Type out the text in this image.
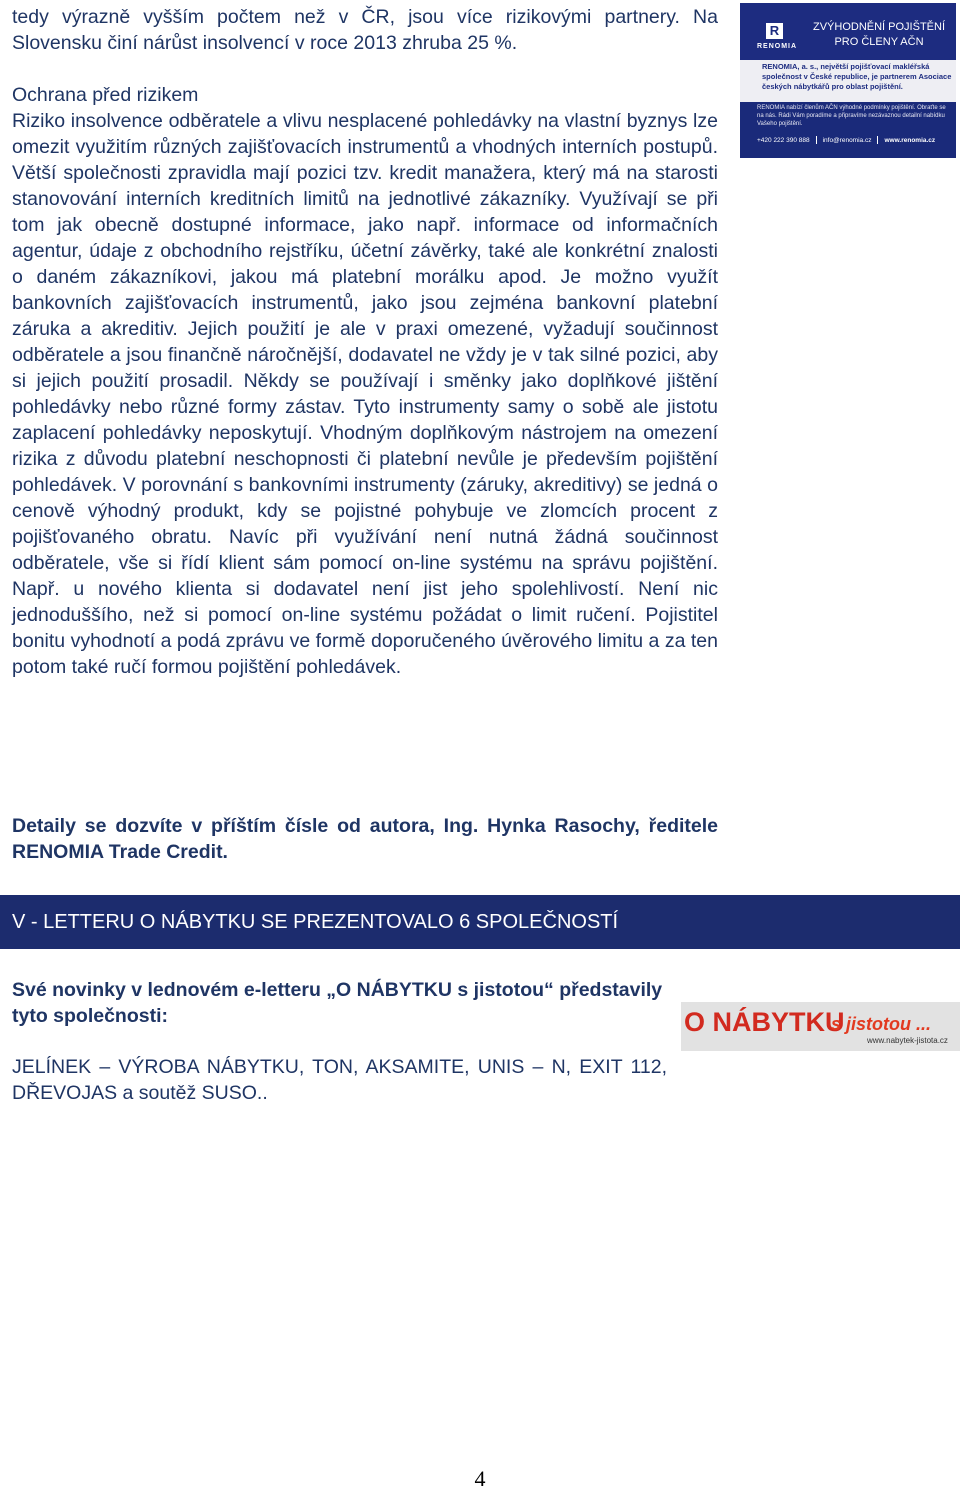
tedy výrazně vyšším počtem než v ČR, jsou více rizikovými partnery. Na Slovensku činí nárůst insolvencí v roce 2013 zhruba 25 %.

Ochrana před rizikem

Riziko insolvence odběratele a vlivu nesplacené pohledávky na vlastní byznys lze omezit využitím různých zajišťovacích instrumentů a vhodných interních postupů. Větší společnosti zpravidla mají pozici tzv. kredit manažera, který má na starosti stanovování interních kreditních limitů na jednotlivé zákazníky. Využívají se při tom jak obecně dostupné informace, jako např. informace od informačních agentur, údaje z obchodního rejstříku, účetní závěrky, také ale konkrétní znalosti o daném zákazníkovi, jakou má platební morálku apod. Je možno využít bankovních zajišťovacích instrumentů, jako jsou zejména bankovní platební záruka a akreditiv. Jejich použití je ale v praxi omezené, vyžadují součinnost odběratele a jsou finančně náročnější, dodavatel ne vždy je v tak silné pozici, aby si jejich použití prosadil. Někdy se používají i směnky jako doplňkové jištění pohledávky nebo různé formy zástav. Tyto instrumenty samy o sobě ale jistotu zaplacení pohledávky neposkytují. Vhodným doplňkovým nástrojem na omezení rizika z důvodu platební neschopnosti či platební nevůle je především pojištění pohledávek. V porovnání s bankovními instrumenty (záruky, akreditivy) se jedná o cenově výhodný produkt, kdy se pojistné pohybuje ve zlomcích procent z pojišťovaného obratu. Navíc při využívání není nutná žádná součinnost odběratele, vše si řídí klient sám pomocí on-line systému na správu pojištění. Např. u nového klienta si dodavatel není jist jeho spolehlivostí. Není nic jednoduššího, než si pomocí on-line systému požádat o limit ručení. Pojistitel bonitu vyhodnotí a podá zprávu ve formě doporučeného úvěrového limitu a za ten potom také ručí formou pojištění pohledávek.

Detaily se dozvíte v příštím čísle od autora, Ing. Hynka Rasochy, ředitele RENOMIA Trade Credit.

R
RENOMIA
ZVÝHODNĚNÍ POJIŠTĚNÍ
PRO ČLENY AČN
RENOMIA, a. s., největší pojišťovací makléřská společnost v České republice, je partnerem Asociace českých nábytkářů pro oblast pojištění.
RENOMIA nabízí členům AČN výhodné podmínky pojištění. Obraťte se na nás. Rádi Vám poradíme a připravíme nezávaznou detailní nabídku Vašeho pojištění.
+420 222 390 888 info@renomia.cz www.renomia.cz
V - LETTERU O NÁBYTKU SE PREZENTOVALO 6 SPOLEČNOSTÍ
Své novinky v lednovém e-letteru „O NÁBYTKU s jistotou“ představily tyto společnosti:
JELÍNEK – VÝROBA NÁBYTKU, TON, AKSAMITE, UNIS – N, EXIT 112, DŘEVOJAS a soutěž SUSO..
O NÁBYTKU
s jistotou ...
www.nabytek-jistota.cz
4
